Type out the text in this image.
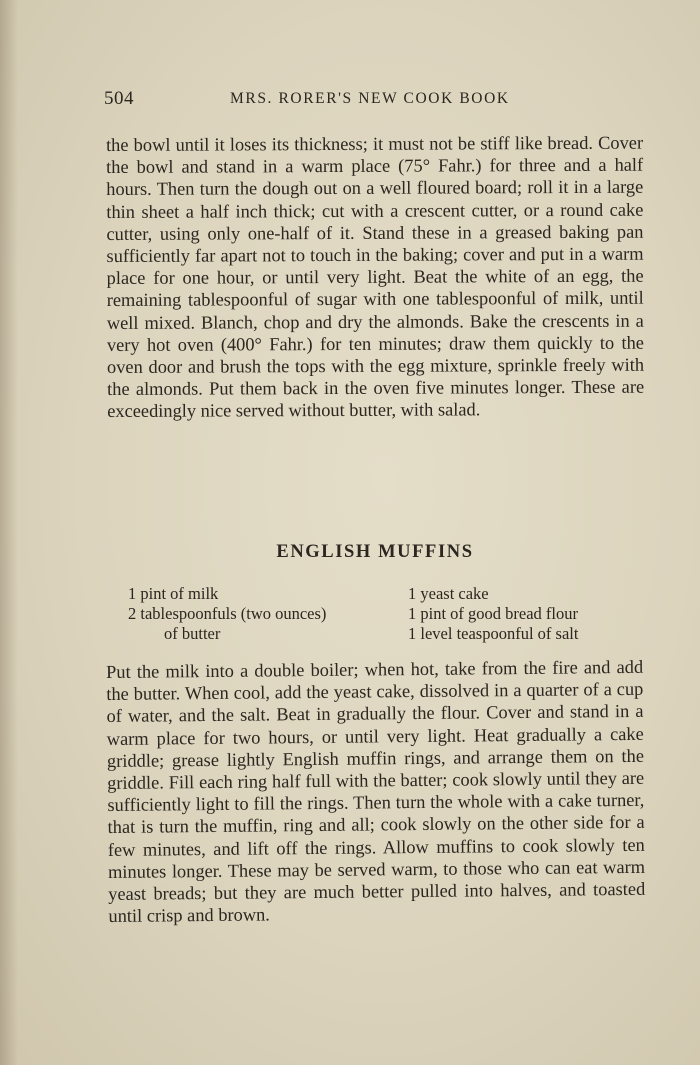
504	MRS. RORER'S NEW COOK BOOK

the bowl until it loses its thickness; it must not be stiff like bread. Cover the bowl and stand in a warm place (75° Fahr.) for three and a half hours. Then turn the dough out on a well floured board; roll it in a large thin sheet a half inch thick; cut with a crescent cutter, or a round cake cutter, using only one-half of it. Stand these in a greased baking pan sufficiently far apart not to touch in the baking; cover and put in a warm place for one hour, or until very light. Beat the white of an egg, the remaining tablespoonful of sugar with one tablespoonful of milk, until well mixed. Blanch, chop and dry the almonds. Bake the crescents in a very hot oven (400° Fahr.) for ten minutes; draw them quickly to the oven door and brush the tops with the egg mixture, sprinkle freely with the almonds. Put them back in the oven five minutes longer. These are exceedingly nice served without butter, with salad.

ENGLISH MUFFINS
1 pint of milk
2 tablespoonfuls (two ounces)
of butter
1 yeast cake
1 pint of good bread flour
1 level teaspoonful of salt

Put the milk into a double boiler; when hot, take from the fire and add the butter. When cool, add the yeast cake, dissolved in a quarter of a cup of water, and the salt. Beat in gradually the flour. Cover and stand in a warm place for two hours, or until very light. Heat gradually a cake griddle; grease lightly English muffin rings, and arrange them on the griddle. Fill each ring half full with the batter; cook slowly until they are sufficiently light to fill the rings. Then turn the whole with a cake turner, that is turn the muffin, ring and all; cook slowly on the other side for a few minutes, and lift off the rings. Allow muffins to cook slowly ten minutes longer. These may be served warm, to those who can eat warm yeast breads; but they are much better pulled into halves, and toasted until crisp and brown.
